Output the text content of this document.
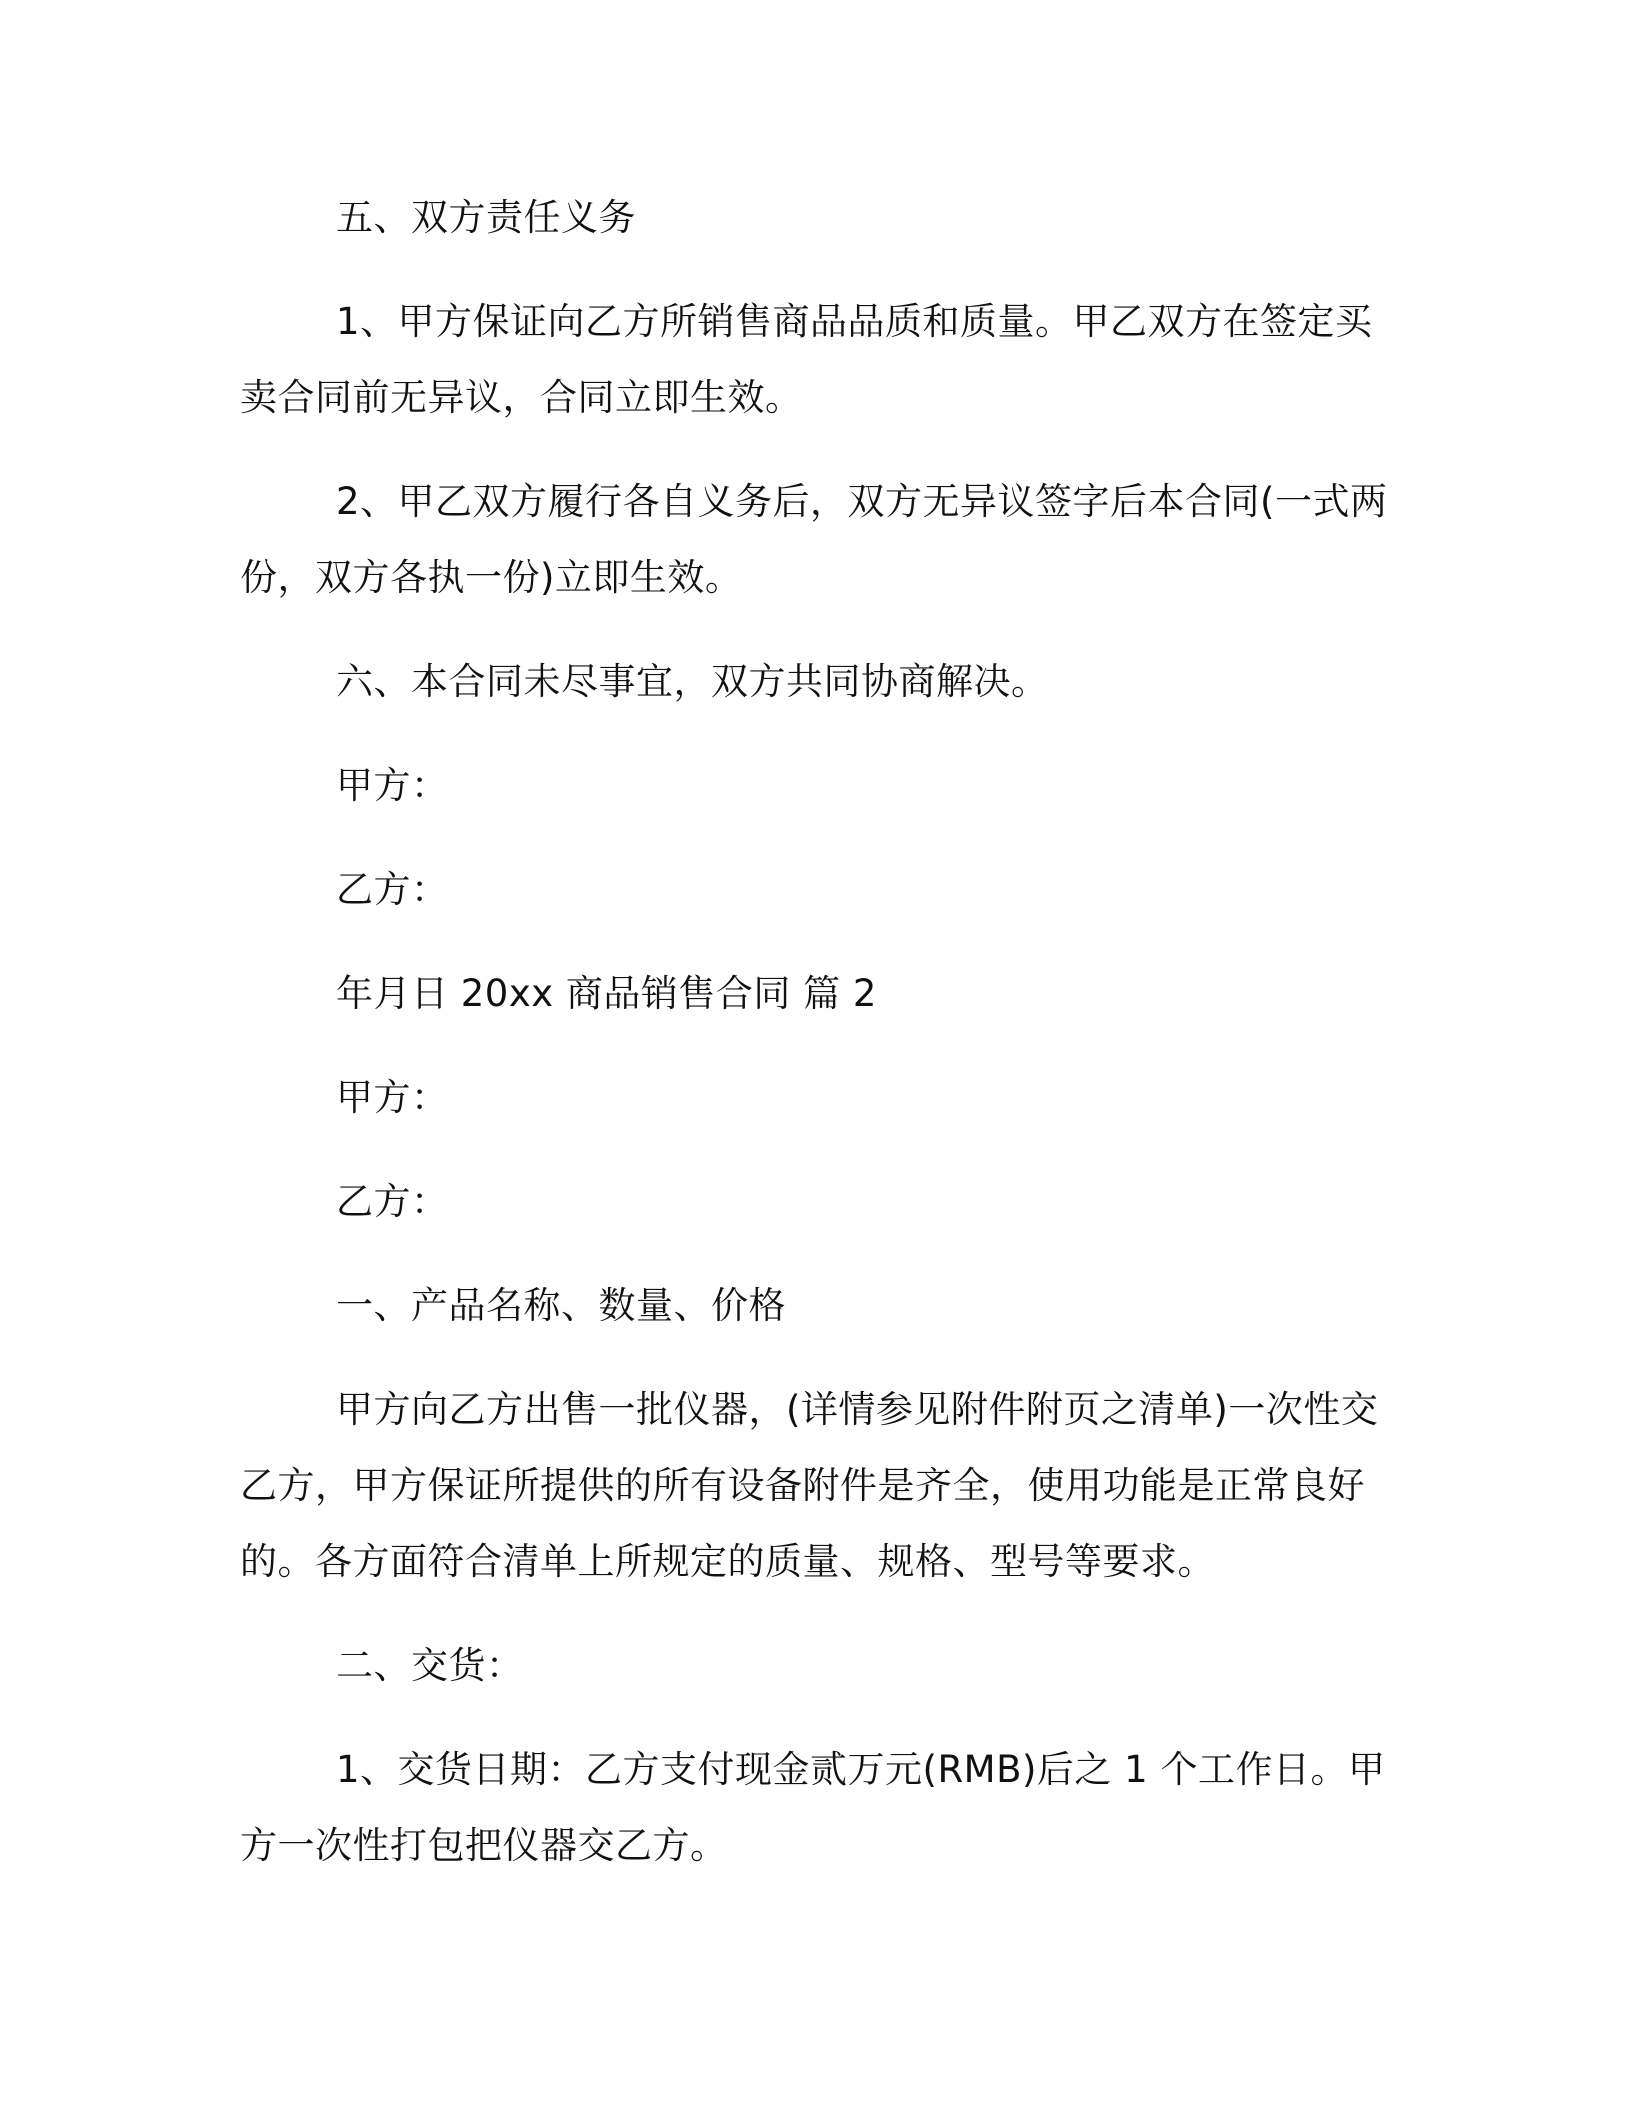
五、双方责任义务
1、甲方保证向乙方所销售商品品质和质量。甲乙双方在签定买
卖合同前无异议，合同立即生效。
2、甲乙双方履行各自义务后，双方无异议签字后本合同(一式两
份，双方各执一份)立即生效。
六、本合同未尽事宜，双方共同协商解决。
甲方：
乙方：
年月日 20xx 商品销售合同 篇 2
甲方：
乙方：
一、产品名称、数量、价格
甲方向乙方出售一批仪器，(详情参见附件附页之清单)一次性交
乙方，甲方保证所提供的所有设备附件是齐全，使用功能是正常良好
的。各方面符合清单上所规定的质量、规格、型号等要求。
二、交货：
1、交货日期：乙方支付现金贰万元(RMB)后之 1 个工作日。甲
方一次性打包把仪器交乙方。
